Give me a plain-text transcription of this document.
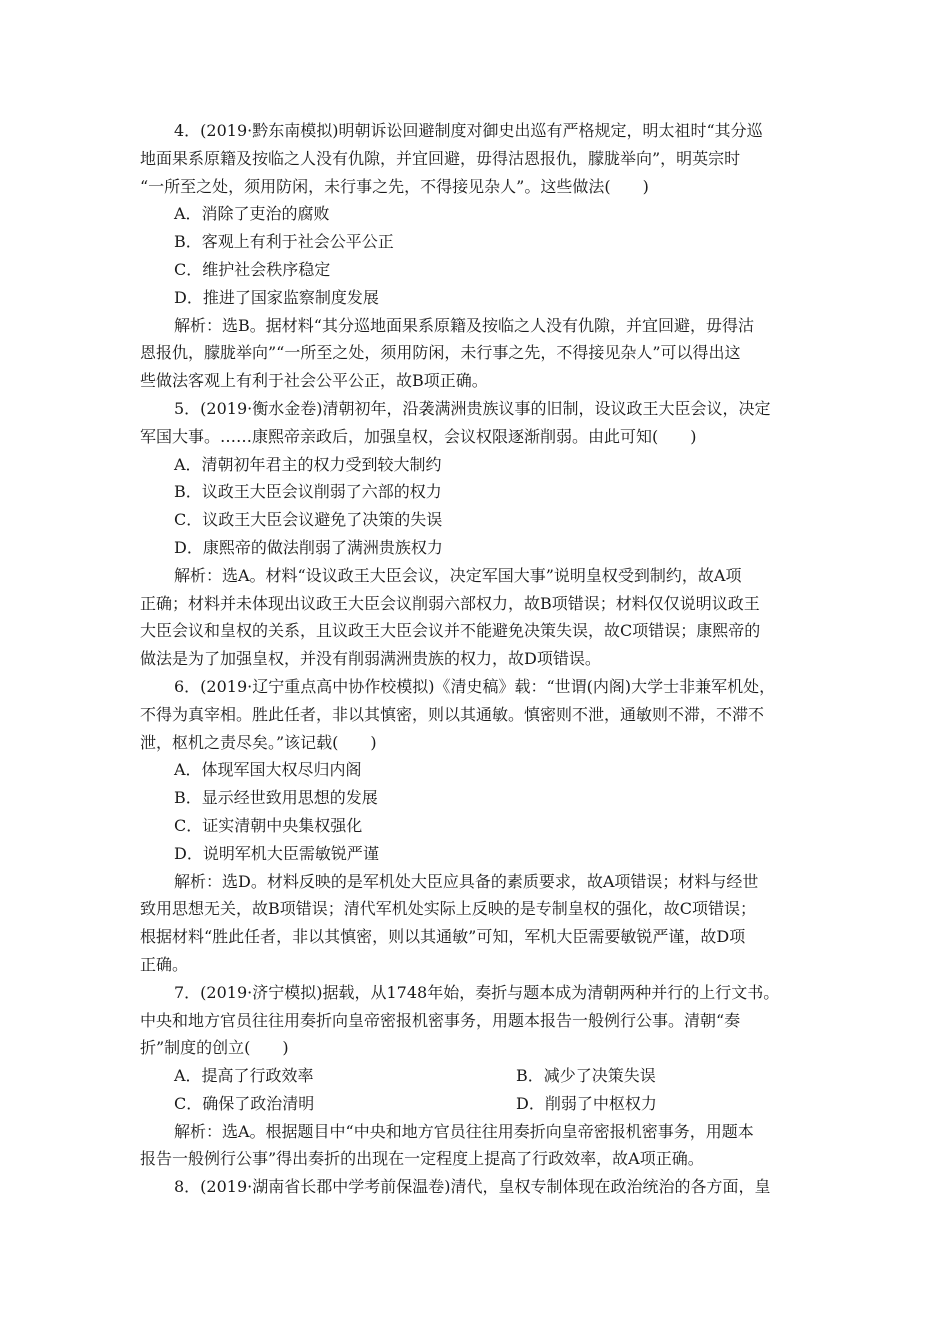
4．(2019·黔东南模拟)明朝诉讼回避制度对御史出巡有严格规定，明太祖时“其分巡
地面果系原籍及按临之人没有仇隙，并宜回避，毋得沽恩报仇，朦胧举向”，明英宗时
“一所至之处，须用防闲，未行事之先，不得接见杂人”。这些做法(　　)
A．消除了吏治的腐败
B．客观上有利于社会公平公正
C．维护社会秩序稳定
D．推进了国家监察制度发展
解析：选B。据材料“其分巡地面果系原籍及按临之人没有仇隙，并宜回避，毋得沽
恩报仇，朦胧举向”“一所至之处，须用防闲，未行事之先，不得接见杂人”可以得出这
些做法客观上有利于社会公平公正，故B项正确。
5．(2019·衡水金卷)清朝初年，沿袭满洲贵族议事的旧制，设议政王大臣会议，决定
军国大事。……康熙帝亲政后，加强皇权，会议权限逐渐削弱。由此可知(　　)
A．清朝初年君主的权力受到较大制约
B．议政王大臣会议削弱了六部的权力
C．议政王大臣会议避免了决策的失误
D．康熙帝的做法削弱了满洲贵族权力
解析：选A。材料“设议政王大臣会议，决定军国大事”说明皇权受到制约，故A项
正确；材料并未体现出议政王大臣会议削弱六部权力，故B项错误；材料仅仅说明议政王
大臣会议和皇权的关系，且议政王大臣会议并不能避免决策失误，故C项错误；康熙帝的
做法是为了加强皇权，并没有削弱满洲贵族的权力，故D项错误。
6．(2019·辽宁重点高中协作校模拟)《清史稿》载：“世谓(内阁)大学士非兼军机处，
不得为真宰相。胜此任者，非以其慎密，则以其通敏。慎密则不泄，通敏则不滞，不滞不
泄，枢机之责尽矣。”该记载(　　)
A．体现军国大权尽归内阁
B．显示经世致用思想的发展
C．证实清朝中央集权强化
D．说明军机大臣需敏锐严谨
解析：选D。材料反映的是军机处大臣应具备的素质要求，故A项错误；材料与经世
致用思想无关，故B项错误；清代军机处实际上反映的是专制皇权的强化，故C项错误；
根据材料“胜此任者，非以其慎密，则以其通敏”可知，军机大臣需要敏锐严谨，故D项
正确。
7．(2019·济宁模拟)据载，从1748年始，奏折与题本成为清朝两种并行的上行文书。
中央和地方官员往往用奏折向皇帝密报机密事务，用题本报告一般例行公事。清朝“奏
折”制度的创立(　　)
A．提高了行政效率	B．减少了决策失误
C．确保了政治清明	D．削弱了中枢权力
解析：选A。根据题目中“中央和地方官员往往用奏折向皇帝密报机密事务，用题本
报告一般例行公事”得出奏折的出现在一定程度上提高了行政效率，故A项正确。
8．(2019·湖南省长郡中学考前保温卷)清代，皇权专制体现在政治统治的各方面，皇
